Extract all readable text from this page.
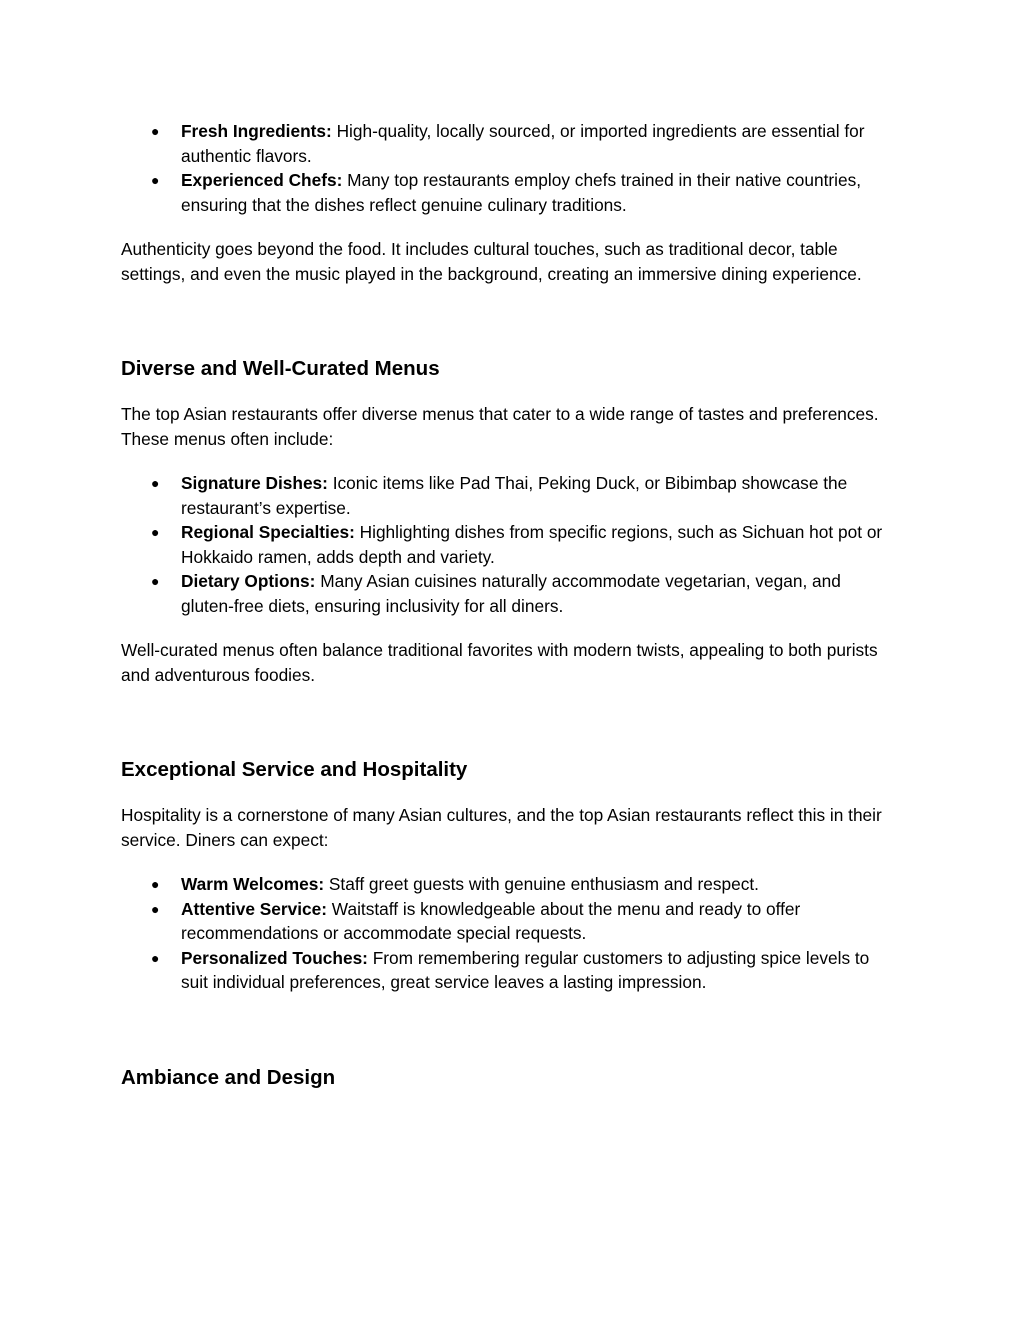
● Fresh Ingredients: High-quality, locally sourced, or imported ingredients are essential for authentic flavors.
● Experienced Chefs: Many top restaurants employ chefs trained in their native countries, ensuring that the dishes reflect genuine culinary traditions.

Authenticity goes beyond the food. It includes cultural touches, such as traditional decor, table settings, and even the music played in the background, creating an immersive dining experience.

Diverse and Well-Curated Menus

The top Asian restaurants offer diverse menus that cater to a wide range of tastes and preferences. These menus often include:

● Signature Dishes: Iconic items like Pad Thai, Peking Duck, or Bibimbap showcase the restaurant’s expertise.
● Regional Specialties: Highlighting dishes from specific regions, such as Sichuan hot pot or Hokkaido ramen, adds depth and variety.
● Dietary Options: Many Asian cuisines naturally accommodate vegetarian, vegan, and gluten-free diets, ensuring inclusivity for all diners.

Well-curated menus often balance traditional favorites with modern twists, appealing to both purists and adventurous foodies.

Exceptional Service and Hospitality

Hospitality is a cornerstone of many Asian cultures, and the top Asian restaurants reflect this in their service. Diners can expect:

● Warm Welcomes: Staff greet guests with genuine enthusiasm and respect.
● Attentive Service: Waitstaff is knowledgeable about the menu and ready to offer recommendations or accommodate special requests.
● Personalized Touches: From remembering regular customers to adjusting spice levels to suit individual preferences, great service leaves a lasting impression.
Ambiance and Design
